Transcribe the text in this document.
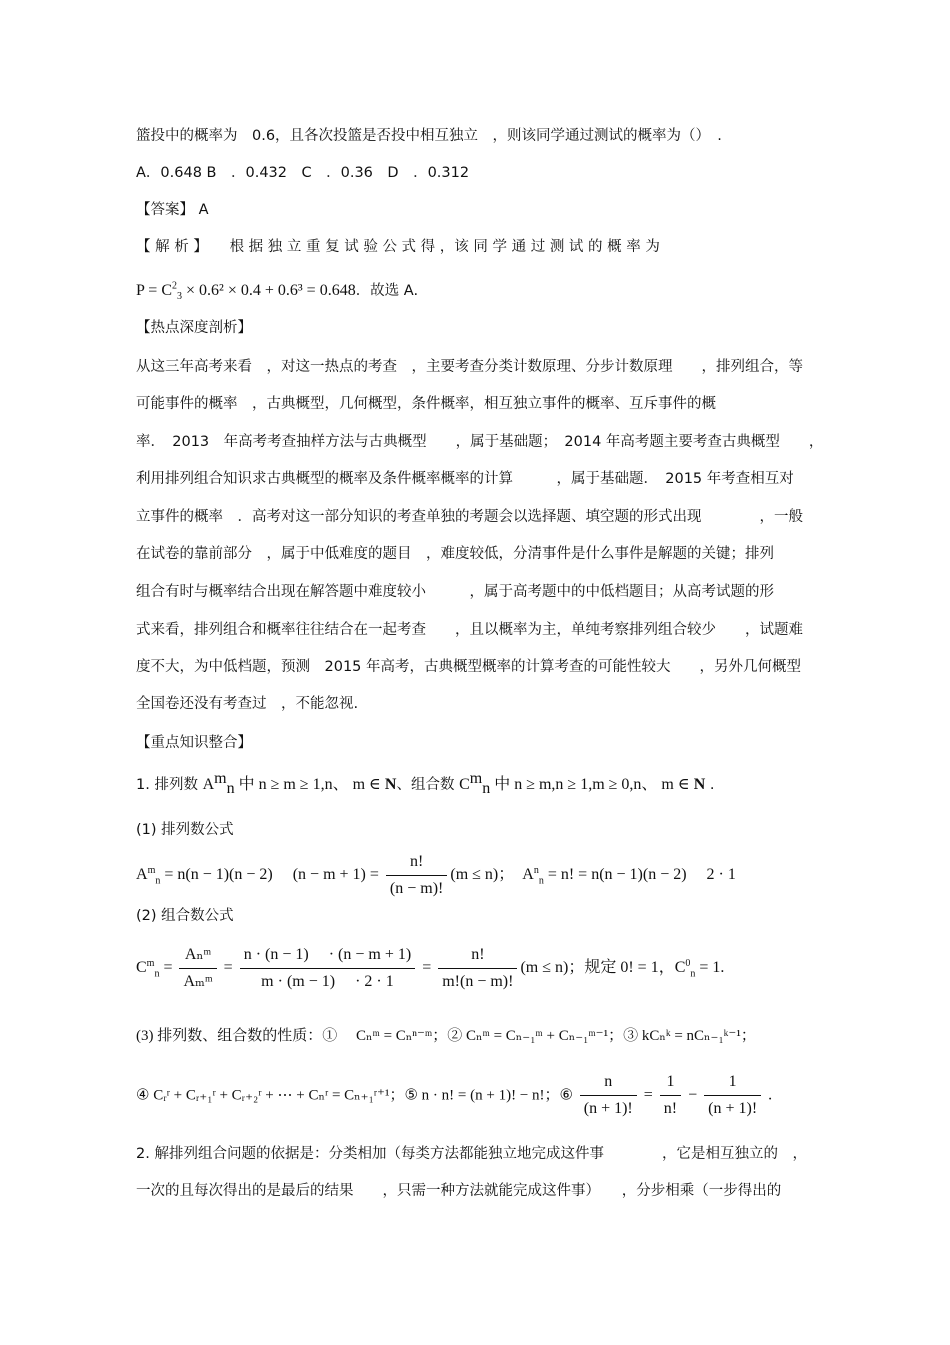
篮投中的概率为　0.6，且各次投篮是否投中相互独立　，则该同学通过测试的概率为（）　.
A．0.648 B　．0.432　C　．0.36　D　．0.312
【答案】 A
【 解 析 】　　根 据 独 立 重 复 试 验 公 式 得 ，该 同 学 通 过 测 试 的 概 率 为
$P = C^2_3 \times 0.6^2 \times 0.4 + 0.6^3 = 0.648$．故选 A.
【热点深度剖析】
从这三年高考来看　，对这一热点的考查　，主要考查分类计数原理、分步计数原理　　，排列组合，等
可能事件的概率　，古典概型，几何概型，条件概率，相互独立事件的概率、互斥事件的概
率．　2013　年高考考查抽样方法与古典概型　　，属于基础题；　2014 年高考题主要考查古典概型　　，
利用排列组合知识求古典概型的概率及条件概率概率的计算　　　，属于基础题．　2015 年考查相互对
立事件的概率　．高考对这一部分知识的考查单独的考题会以选择题、填空题的形式出现　　　　，一般
在试卷的靠前部分　，属于中低难度的题目　，难度较低，分清事件是什么事件是解题的关键；排列
组合有时与概率结合出现在解答题中难度较小　　　，属于高考题中的中低档题目；从高考试题的形
式来看，排列组合和概率往往结合在一起考查　　，且以概率为主，单纯考察排列组合较少　　，试题难
度不大，为中低档题，预测　2015 年高考，古典概型概率的计算考查的可能性较大　　，另外几何概型
全国卷还没有考查过　，不能忽视.
【重点知识整合】
1. 排列数 $A^m_n$ 中 n ≥ m ≥ 1,n、 m ∈ N、组合数 $C^m_n$ 中 n ≥ m,n ≥ 1,m ≥ 0,n、 m ∈ N .
(1) 排列数公式
$A^m_n = n(n - 1)(n - 2)$　 $(n - m + 1) = \frac{n!}{(n - m)!} (m \le n)$；　$A^n_n = n$! = n(n − 1)(n − 2)　 2 · 1
(2) 组合数公式
$C^m_n = \frac{\text{Aₙᵐ}}{\text{Aₘᵐ}} = \frac{n \cdot (n - 1) \cdot (n - m + 1)}{m \cdot (m - 1) \cdot 2 \cdot 1} = \frac{n!}{m!(n - m)!} (m \le n)$；规定 0! = 1，$C^0_n = 1$.
(3) 排列数、组合数的性质：①　 Cₙᵐ = Cₙⁿ⁻ᵐ；② Cₙᵐ = Cₙ₋₁ᵐ + Cₙ₋₁ᵐ⁻¹；③ kCₙᵏ = nCₙ₋₁ᵏ⁻¹；
④ Cᵣʳ + Cᵣ₊₁ʳ + Cᵣ₊₂ʳ + ⋯ + Cₙʳ = Cₙ₊₁ʳ⁺¹；⑤ n · n! = (n + 1)! − n!；⑥ $\frac{n}{(n + 1)!} = \frac{1}{n!} - \frac{1}{(n + 1)!}$ .
2. 解排列组合问题的依据是：分类相加（每类方法都能独立地完成这件事　　　　，它是相互独立的　，
一次的且每次得出的是最后的结果　　，只需一种方法就能完成这件事）　　，分步相乘（一步得出的
